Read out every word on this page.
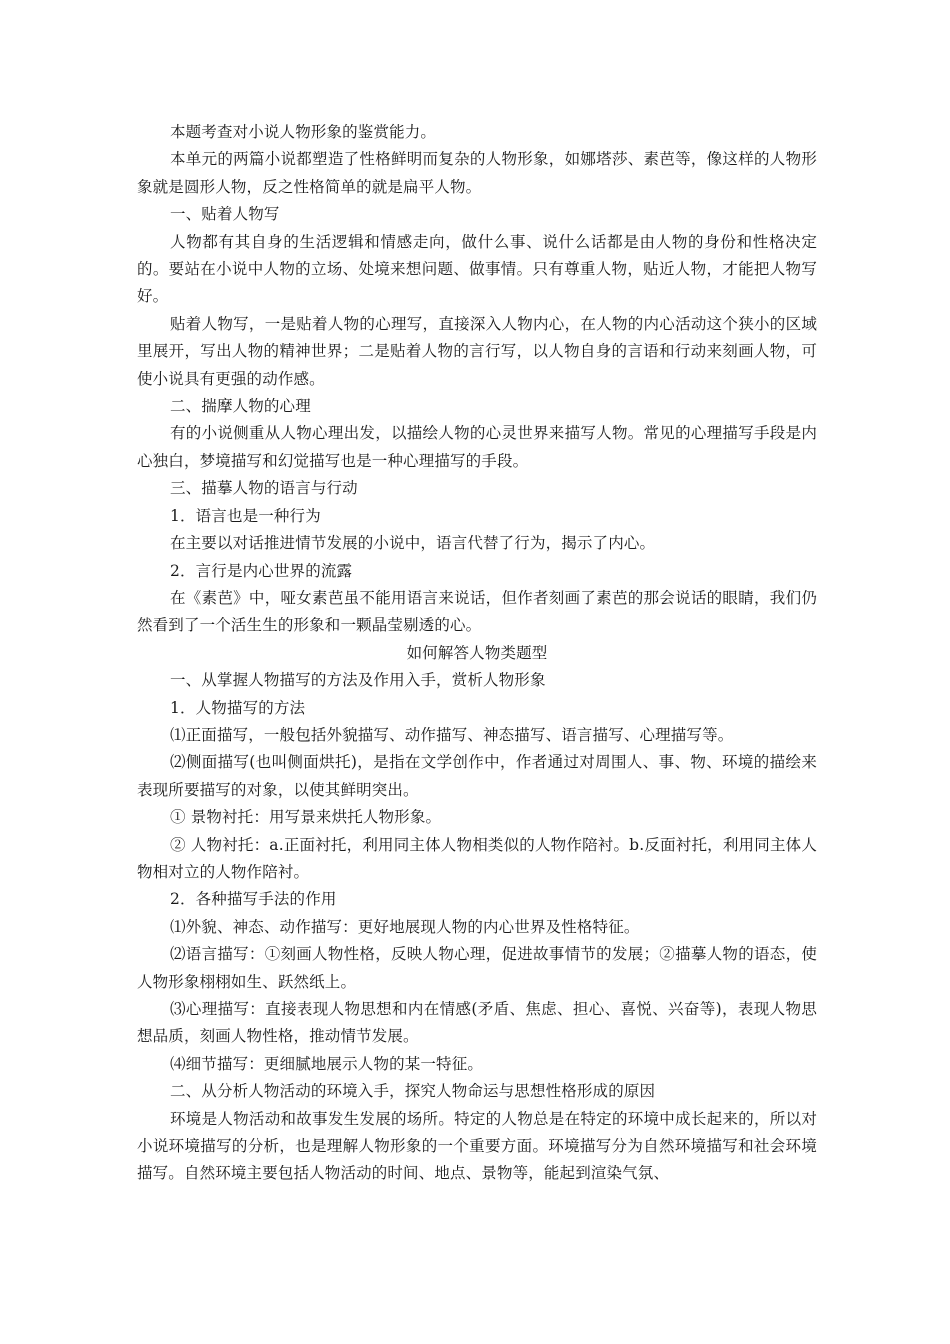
本题考查对小说人物形象的鉴赏能力。

本单元的两篇小说都塑造了性格鲜明而复杂的人物形象，如娜塔莎、素芭等，像这样的人物形象就是圆形人物，反之性格简单的就是扁平人物。

一、贴着人物写

人物都有其自身的生活逻辑和情感走向，做什么事、说什么话都是由人物的身份和性格决定的。要站在小说中人物的立场、处境来想问题、做事情。只有尊重人物，贴近人物，才能把人物写好。

贴着人物写，一是贴着人物的心理写，直接深入人物内心，在人物的内心活动这个狭小的区域里展开，写出人物的精神世界；二是贴着人物的言行写，以人物自身的言语和行动来刻画人物，可使小说具有更强的动作感。

二、揣摩人物的心理

有的小说侧重从人物心理出发，以描绘人物的心灵世界来描写人物。常见的心理描写手段是内心独白，梦境描写和幻觉描写也是一种心理描写的手段。

三、描摹人物的语言与行动

1．语言也是一种行为

在主要以对话推进情节发展的小说中，语言代替了行为，揭示了内心。

2．言行是内心世界的流露

在《素芭》中，哑女素芭虽不能用语言来说话，但作者刻画了素芭的那会说话的眼睛，我们仍然看到了一个活生生的形象和一颗晶莹剔透的心。

如何解答人物类题型

一、从掌握人物描写的方法及作用入手，赏析人物形象

1．人物描写的方法

⑴正面描写，一般包括外貌描写、动作描写、神态描写、语言描写、心理描写等。

⑵侧面描写(也叫侧面烘托)，是指在文学创作中，作者通过对周围人、事、物、环境的描绘来表现所要描写的对象，以使其鲜明突出。

① 景物衬托：用写景来烘托人物形象。

② 人物衬托：a.正面衬托，利用同主体人物相类似的人物作陪衬。b.反面衬托，利用同主体人物相对立的人物作陪衬。

2．各种描写手法的作用

⑴外貌、神态、动作描写：更好地展现人物的内心世界及性格特征。

⑵语言描写：①刻画人物性格，反映人物心理，促进故事情节的发展；②描摹人物的语态，使人物形象栩栩如生、跃然纸上。

⑶心理描写：直接表现人物思想和内在情感(矛盾、焦虑、担心、喜悦、兴奋等)，表现人物思想品质，刻画人物性格，推动情节发展。

⑷细节描写：更细腻地展示人物的某一特征。

二、从分析人物活动的环境入手，探究人物命运与思想性格形成的原因

环境是人物活动和故事发生发展的场所。特定的人物总是在特定的环境中成长起来的，所以对小说环境描写的分析，也是理解人物形象的一个重要方面。环境描写分为自然环境描写和社会环境描写。自然环境主要包括人物活动的时间、地点、景物等，能起到渲染气氛、
